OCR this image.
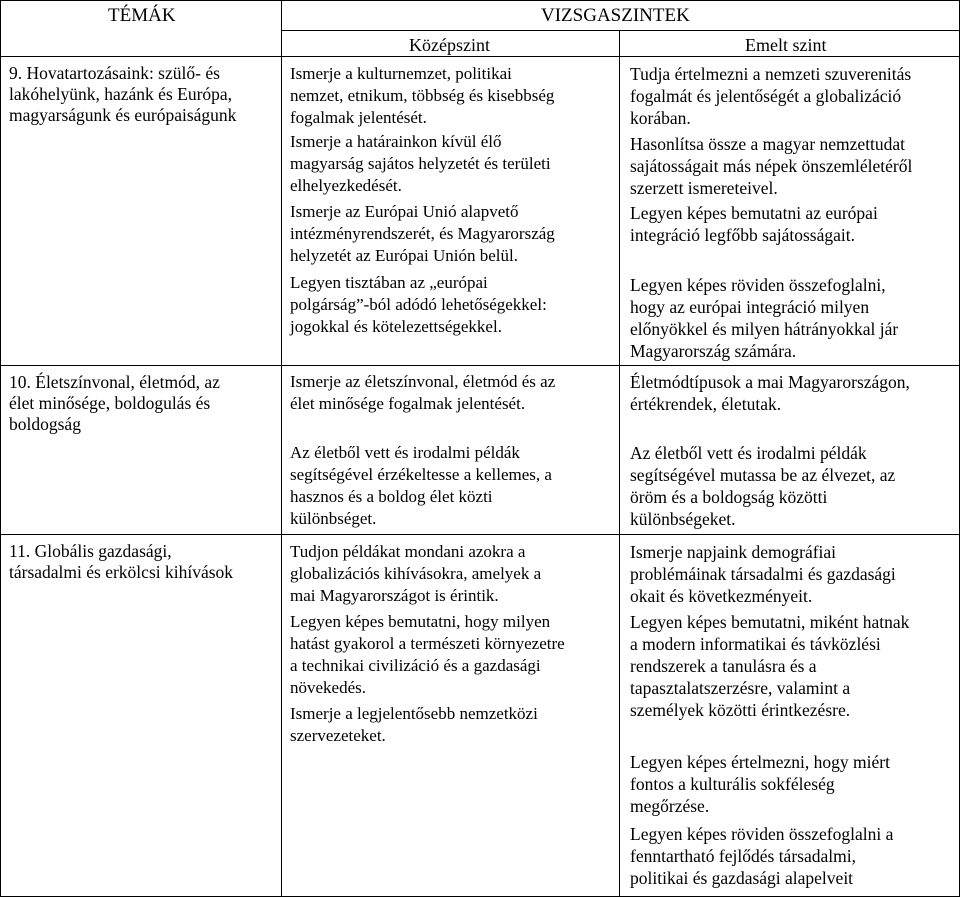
TÉMÁK	VIZSGASZINTEK
Középszint	Emelt szint
9. Hovatartozásaink: szülő- és
lakóhelyünk, hazánk és Európa,
magyarságunk és európaiságunk
10. Életszínvonal, életmód, az
élet minősége, boldogulás és
boldogság
11. Globális gazdasági,
társadalmi és erkölcsi kihívások
Ismerje a kulturnemzet, politikai
nemzet, etnikum, többség és kisebbség
fogalmak jelentését.
Ismerje a határainkon kívül élő
magyarság sajátos helyzetét és területi
elhelyezkedését.
Ismerje az Európai Unió alapvető
intézményrendszerét, és Magyarország
helyzetét az Európai Unión belül.
Legyen tisztában az „európai
polgárság”-ból adódó lehetőségekkel:
jogokkal és kötelezettségekkel.
Ismerje az életszínvonal, életmód és az
élet minősége fogalmak jelentését.
Az életből vett és irodalmi példák
segítségével érzékeltesse a kellemes, a
hasznos és a boldog élet közti
különbséget.
Tudjon példákat mondani azokra a
globalizációs kihívásokra, amelyek a
mai Magyarországot is érintik.
Legyen képes bemutatni, hogy milyen
hatást gyakorol a természeti környezetre
a technikai civilizáció és a gazdasági
növekedés.
Ismerje a legjelentősebb nemzetközi
szervezeteket.
Tudja értelmezni a nemzeti szuverenitás
fogalmát és jelentőségét a globalizáció
korában.
Hasonlítsa össze a magyar nemzettudat
sajátosságait más népek önszemléletéről
szerzett ismereteivel.
Legyen képes bemutatni az európai
integráció legfőbb sajátosságait.
Legyen képes röviden összefoglalni,
hogy az európai integráció milyen
előnyökkel és milyen hátrányokkal jár
Magyarország számára.
Életmódtípusok a mai Magyarországon,
értékrendek, életutak.
Az életből vett és irodalmi példák
segítségével mutassa be az élvezet, az
öröm és a boldogság közötti
különbségeket.
Ismerje napjaink demográfiai
problémáinak társadalmi és gazdasági
okait és következményeit.
Legyen képes bemutatni, miként hatnak
a modern informatikai és távközlési
rendszerek a tanulásra és a
tapasztalatszerzésre, valamint a
személyek közötti érintkezésre.
Legyen képes értelmezni, hogy miért
fontos a kulturális sokféleség
megőrzése.
Legyen képes röviden összefoglalni a
fenntartható fejlődés társadalmi,
politikai és gazdasági alapelveit
